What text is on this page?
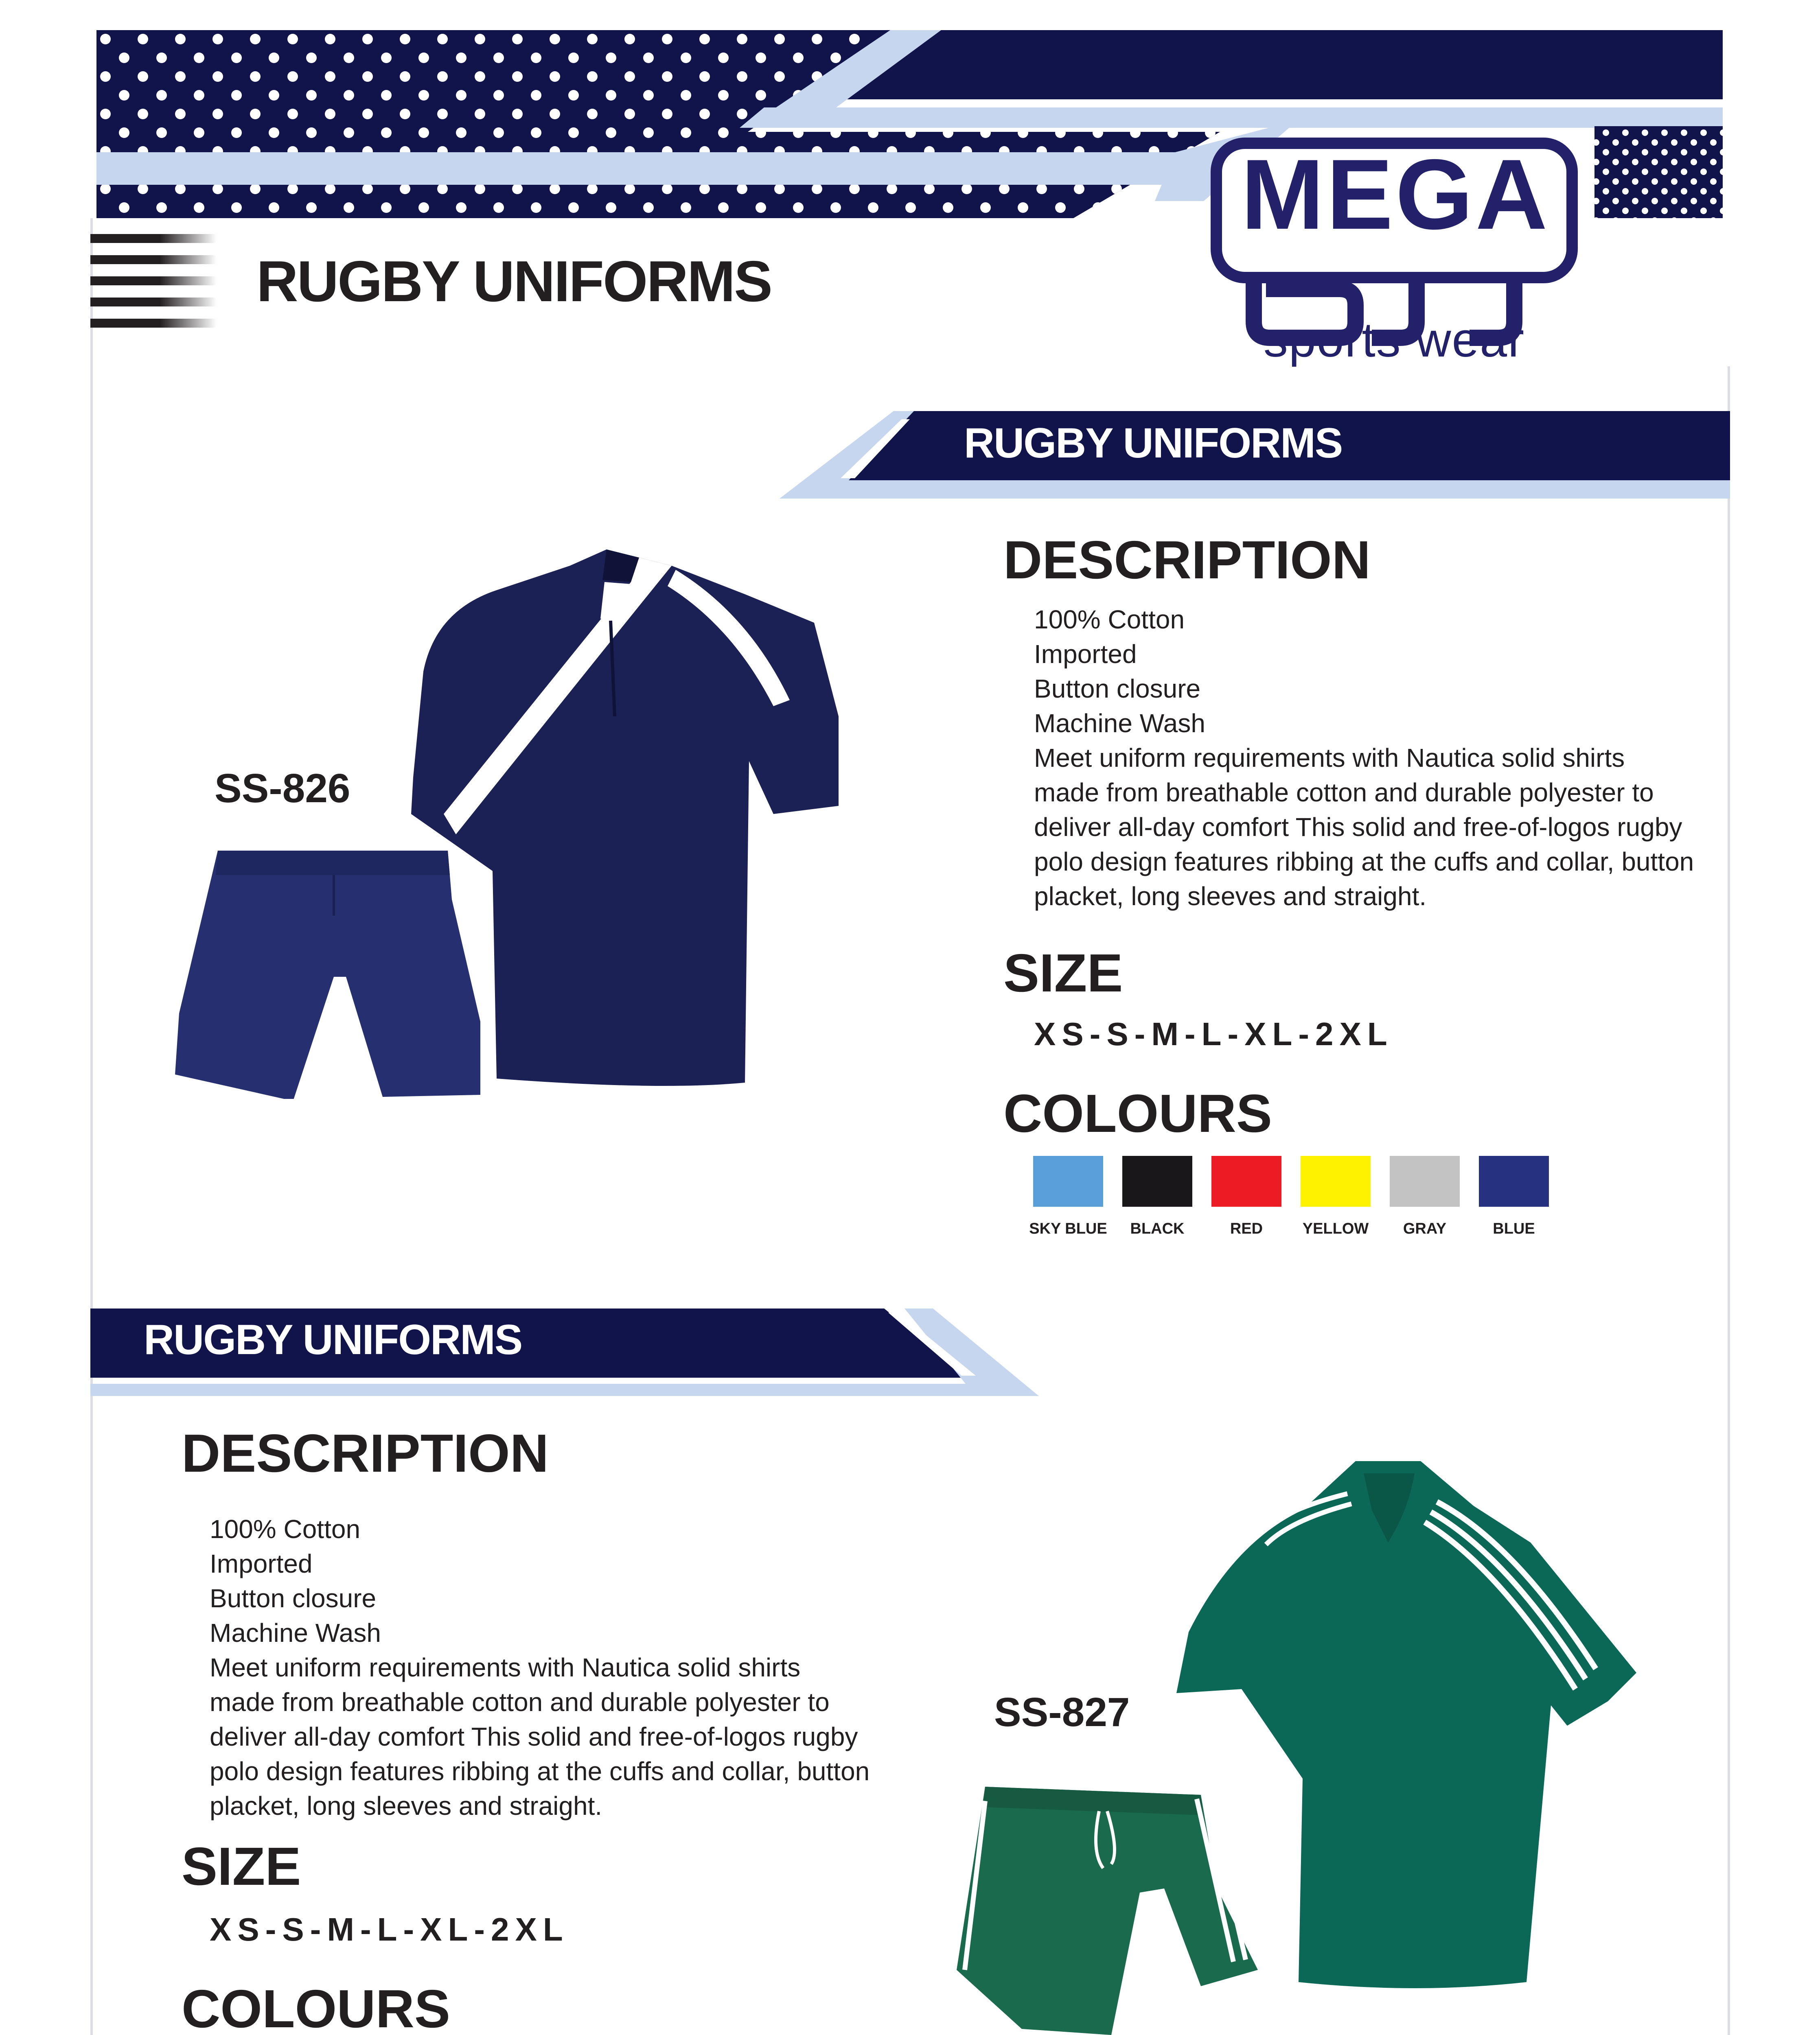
RUGBY UNIFORMS
MEGA
sports wear
RUGBY UNIFORMS
DESCRIPTION
100% Cotton
Imported
Button closure
Machine Wash
Meet uniform requirements with Nautica solid shirts
made from breathable cotton and durable polyester to
deliver all-day comfort This solid and free-of-logos rugby
polo design features ribbing at the cuffs and collar, button
placket, long sleeves and straight.
SIZE
XS-S-M-L-XL-2XL
COLOURS
SKY BLUE	BLACK	RED	YELLOW	GRAY	BLUE
SS-826
RUGBY UNIFORMS
DESCRIPTION
100% Cotton
Imported
Button closure
Machine Wash
Meet uniform requirements with Nautica solid shirts
made from breathable cotton and durable polyester to
deliver all-day comfort This solid and free-of-logos rugby
polo design features ribbing at the cuffs and collar, button
placket, long sleeves and straight.
SIZE
XS-S-M-L-XL-2XL
COLOURS
SS-827
